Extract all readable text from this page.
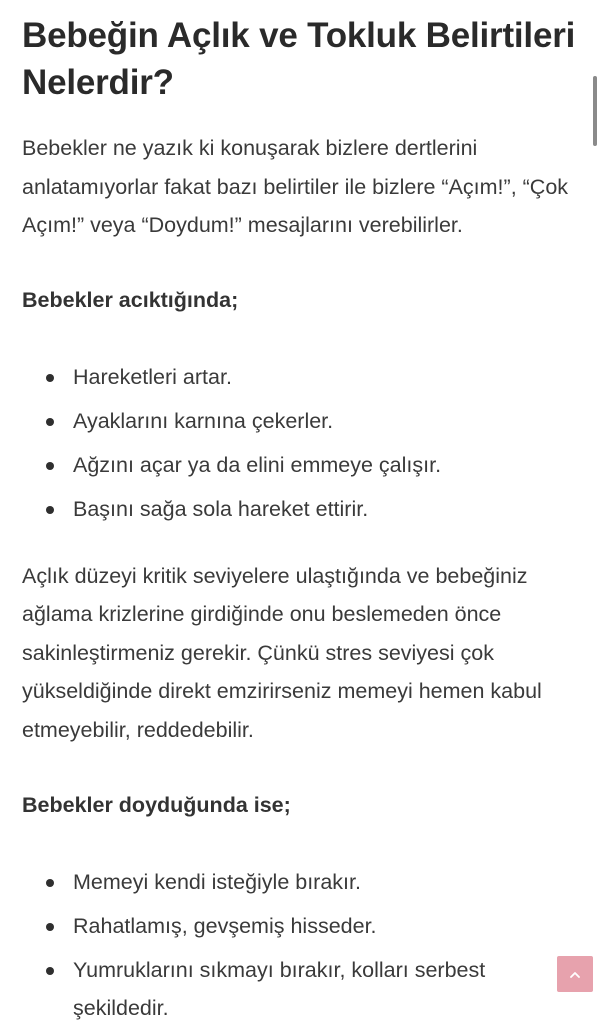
Bebeğin Açlık ve Tokluk Belirtileri Nelerdir?

Bebekler ne yazık ki konuşarak bizlere dertlerini anlatamıyorlar fakat bazı belirtiler ile bizlere “Açım!”, “Çok Açım!” veya “Doydum!” mesajlarını verebilirler.

Bebekler acıktığında;

Hareketleri artar.
Ayaklarını karnına çekerler.
Ağzını açar ya da elini emmeye çalışır.
Başını sağa sola hareket ettirir.

Açlık düzeyi kritik seviyelere ulaştığında ve bebeğiniz ağlama krizlerine girdiğinde onu beslemeden önce sakinleştirmeniz gerekir. Çünkü stres seviyesi çok yükseldiğinde direkt emzirirseniz memeyi hemen kabul etmeyebilir, reddedebilir.

Bebekler doyduğunda ise;

Memeyi kendi isteğiyle bırakır.
Rahatlamış, gevşemiş hisseder.
Yumruklarını sıkmayı bırakır, kolları serbest şekildedir.
